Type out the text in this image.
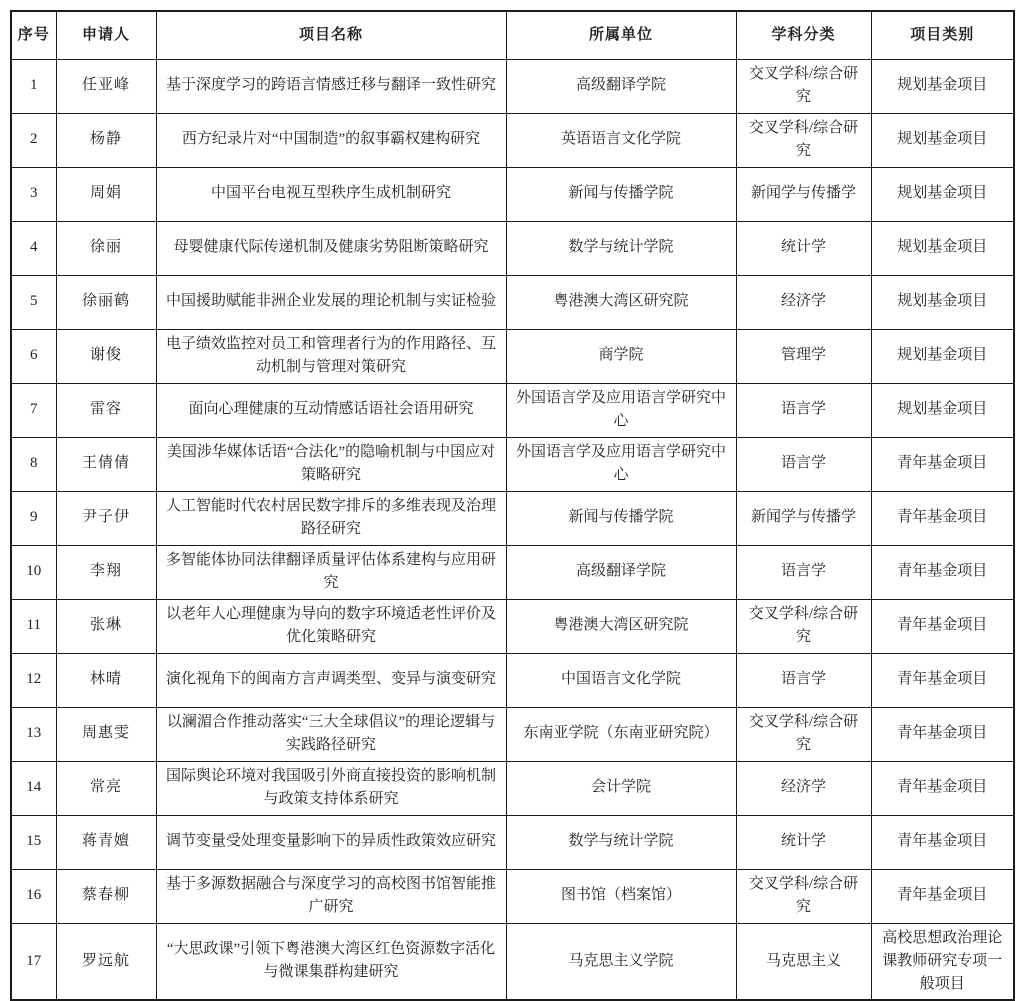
序号	申请人	项目名称	所属单位	学科分类	项目类别
1	任亚峰	基于深度学习的跨语言情感迁移与翻译一致性研究	高级翻译学院	交叉学科/综合研究	规划基金项目
2	杨静	西方纪录片对“中国制造”的叙事霸权建构研究	英语语言文化学院	交叉学科/综合研究	规划基金项目
3	周娟	中国平台电视互型秩序生成机制研究	新闻与传播学院	新闻学与传播学	规划基金项目
4	徐丽	母婴健康代际传递机制及健康劣势阻断策略研究	数学与统计学院	统计学	规划基金项目
5	徐丽鹤	中国援助赋能非洲企业发展的理论机制与实证检验	粤港澳大湾区研究院	经济学	规划基金项目
6	谢俊	电子绩效监控对员工和管理者行为的作用路径、互动机制与管理对策研究	商学院	管理学	规划基金项目
7	雷容	面向心理健康的互动情感话语社会语用研究	外国语言学及应用语言学研究中心	语言学	规划基金项目
8	王倩倩	美国涉华媒体话语“合法化”的隐喻机制与中国应对策略研究	外国语言学及应用语言学研究中心	语言学	青年基金项目
9	尹子伊	人工智能时代农村居民数字排斥的多维表现及治理路径研究	新闻与传播学院	新闻学与传播学	青年基金项目
10	李翔	多智能体协同法律翻译质量评估体系建构与应用研究	高级翻译学院	语言学	青年基金项目
11	张琳	以老年人心理健康为导向的数字环境适老性评价及优化策略研究	粤港澳大湾区研究院	交叉学科/综合研究	青年基金项目
12	林晴	演化视角下的闽南方言声调类型、变异与演变研究	中国语言文化学院	语言学	青年基金项目
13	周惠雯	以澜湄合作推动落实“三大全球倡议”的理论逻辑与实践路径研究	东南亚学院（东南亚研究院）	交叉学科/综合研究	青年基金项目
14	常亮	国际舆论环境对我国吸引外商直接投资的影响机制与政策支持体系研究	会计学院	经济学	青年基金项目
15	蒋青嬗	调节变量受处理变量影响下的异质性政策效应研究	数学与统计学院	统计学	青年基金项目
16	蔡春柳	基于多源数据融合与深度学习的高校图书馆智能推广研究	图书馆（档案馆）	交叉学科/综合研究	青年基金项目
17	罗远航	“大思政课”引领下粤港澳大湾区红色资源数字活化与微课集群构建研究	马克思主义学院	马克思主义	高校思想政治理论课教师研究专项一般项目
